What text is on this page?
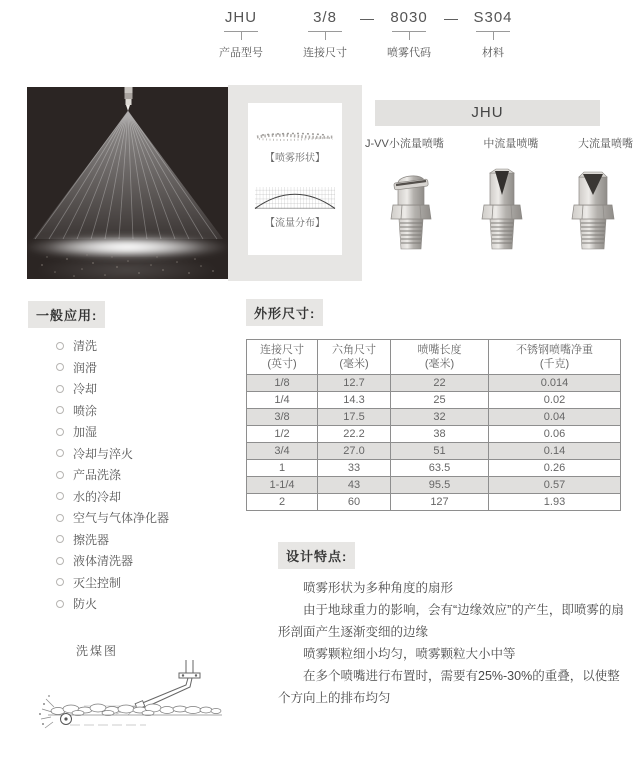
JHU
产品型号
3/8
连接尺寸
— 8030
喷雾代码
— S304
材料
【喷雾形状】
【流量分布】
JHU
J-VV小流量喷嘴	中流量喷嘴	大流量喷嘴
一般应用:
清洗
润滑
冷却
喷涂
加湿
冷却与淬火
产品洗涤
水的冷却
空气与气体净化器
擦洗器
液体清洗器
灭尘控制
防火
洗煤图
外形尺寸:
连接尺寸
(英寸)

六角尺寸
(毫米)

喷嘴长度
(毫米)

不锈钢喷嘴净重
(千克)

1/8	12.7	22	0.014
1/4	14.3	25	0.02
3/8	17.5	32	0.04
1/2	22.2	38	0.06
3/4	27.0	51	0.14
1	33	63.5	0.26
1-1/4	43	95.5	0.57
2	60	127	1.93
设计特点:

喷雾形状为多种角度的扇形

由于地球重力的影响，会有“边缘效应”的产生，即喷雾的扇形剖面产生逐渐变细的边缘

喷雾颗粒细小均匀，喷雾颗粒大小中等

在多个喷嘴进行布置时，需要有25%-30%的重叠，以使整个方向上的排布均匀
